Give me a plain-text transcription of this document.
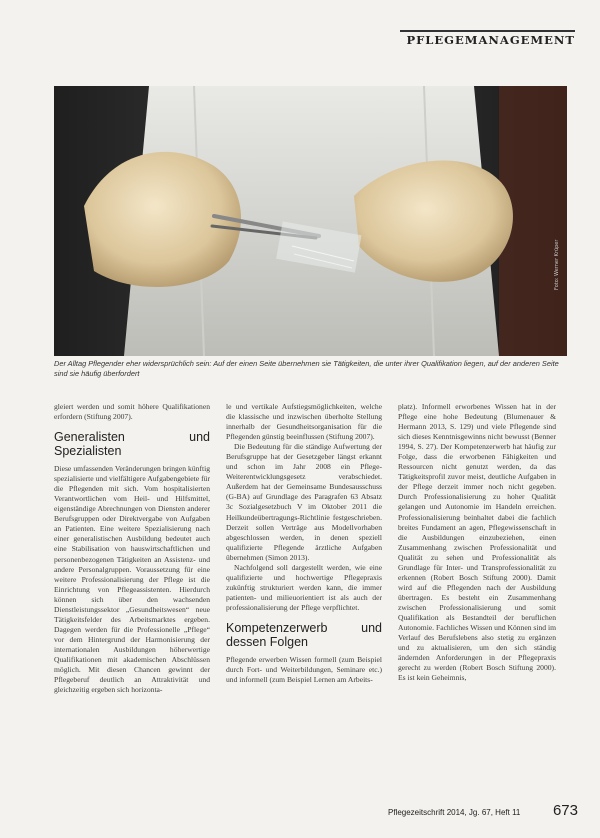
PFLEGEMANAGEMENT
Foto: Werner Krüper
Der Alltag Pflegender eher widersprüchlich sein: Auf der einen Seite übernehmen sie Tätigkeiten, die unter ihrer Qualifikation liegen, auf der anderen Seite sind sie häufig überfordert

gleiert werden und somit höhere Qualifikationen erfordern (Stiftung 2007).

Generalisten und Spezialisten

Diese umfassenden Veränderungen bringen künftig spezialisierte und vielfältigere Aufgabengebiete für die Pflegenden mit sich. Vom hospitalisierten Verantwortlichen vom Heil- und Hilfsmittel, eigenständige Abrechnungen von Diensten anderer Berufsgruppen oder Direktvergabe von Aufgaben an Patienten. Eine weitere Spezialisierung nach einer generalistischen Ausbildung bedeutet auch eine Stabilisation von hauswirtschaftlichen und personenbezogenen Tätigkeiten an Assistenz- und andere Personalgruppen. Voraussetzung für eine weitere Professionalisierung der Pflege ist die Einrichtung von Pflegeassistenten. Hierdurch können sich über den wachsenden Dienstleistungssektor „Gesundheitswesen“ neue Tätigkeitsfelder des Arbeitsmarktes ergeben. Dagegen werden für die Professionelle „Pflege“ vor dem Hintergrund der Harmonisierung der internationalen Ausbildungen höherwertige Qualifikationen mit akademischen Abschlüssen möglich. Mit diesen Chancen gewinnt der Pflegeberuf deutlich an Attraktivität und gleichzeitig ergeben sich horizonta-

le und vertikale Aufstiegsmöglichkeiten, welche die klassische und inzwischen überholte Stellung innerhalb der Gesundheitsorganisation für die Pflegenden günstig beeinflussen (Stiftung 2007).

Die Bedeutung für die ständige Aufwertung der Berufsgruppe hat der Gesetzgeber längst erkannt und schon im Jahr 2008 ein Pflege-Weiterentwicklungsgesetz verabschiedet. Außerdem hat der Gemeinsame Bundesausschuss (G-BA) auf Grundlage des Paragrafen 63 Absatz 3c Sozialgesetzbuch V im Oktober 2011 die Heilkundeübertragungs-Richtlinie festgeschrieben. Derzeit sollen Verträge aus Modellvorhaben abgeschlossen werden, in denen speziell qualifizierte Pflegende ärztliche Aufgaben übernehmen (Simon 2013).

Nachfolgend soll dargestellt werden, wie eine qualifizierte und hochwertige Pflegepraxis zukünftig strukturiert werden kann, die immer patienten- und milieuorientiert ist als auch der professionalisierung der Pflege verpflichtet.

Kompetenzerwerb und dessen Folgen

Pflegende erwerben Wissen formell (zum Beispiel durch Fort- und Weiterbildungen, Seminare etc.) und informell (zum Beispiel Lernen am Arbeits-

platz). Informell erworbenes Wissen hat in der Pflege eine hohe Bedeutung (Blumenauer & Hermann 2013, S. 129) und viele Pflegende sind sich dieses Kenntnisgewinns nicht bewusst (Benner 1994, S. 27). Der Kompetenzerwerb hat häufig zur Folge, dass die erworbenen Fähigkeiten und Ressourcen nicht genutzt werden, da das Tätigkeitsprofil zuvor meist, deutliche Aufgaben in der Pflege derzeit immer noch nicht gegeben. Durch Professionalisierung zu hoher Qualität gelangen und Autonomie im Handeln erreichen. Professionalisierung beinhaltet dabei die fachlich breites Fundament an agen, Pflegewissenschaft in die Ausbildungen einzubeziehen, einen Zusammenhang zwischen Professionalität und Qualität zu sehen und Professionalität als Grundlage für Inter- und Transprofessionalität zu erkennen (Robert Bosch Stiftung 2000). Damit wird auf die Pflegenden nach der Ausbildung übertragen. Es besteht ein Zusammenhang zwischen Professionalisierung und somit Qualifikation als Bestandteil der beruflichen Autonomie. Fachliches Wissen und Können sind im Verlauf des Berufslebens also stetig zu ergänzen und zu aktualisieren, um den sich ständig ändernden Anforderungen in der Pflegepraxis gerecht zu werden (Robert Bosch Stiftung 2000). Es ist kein Geheimnis,

Pflegezeitschrift 2014, Jg. 67, Heft 11 673
